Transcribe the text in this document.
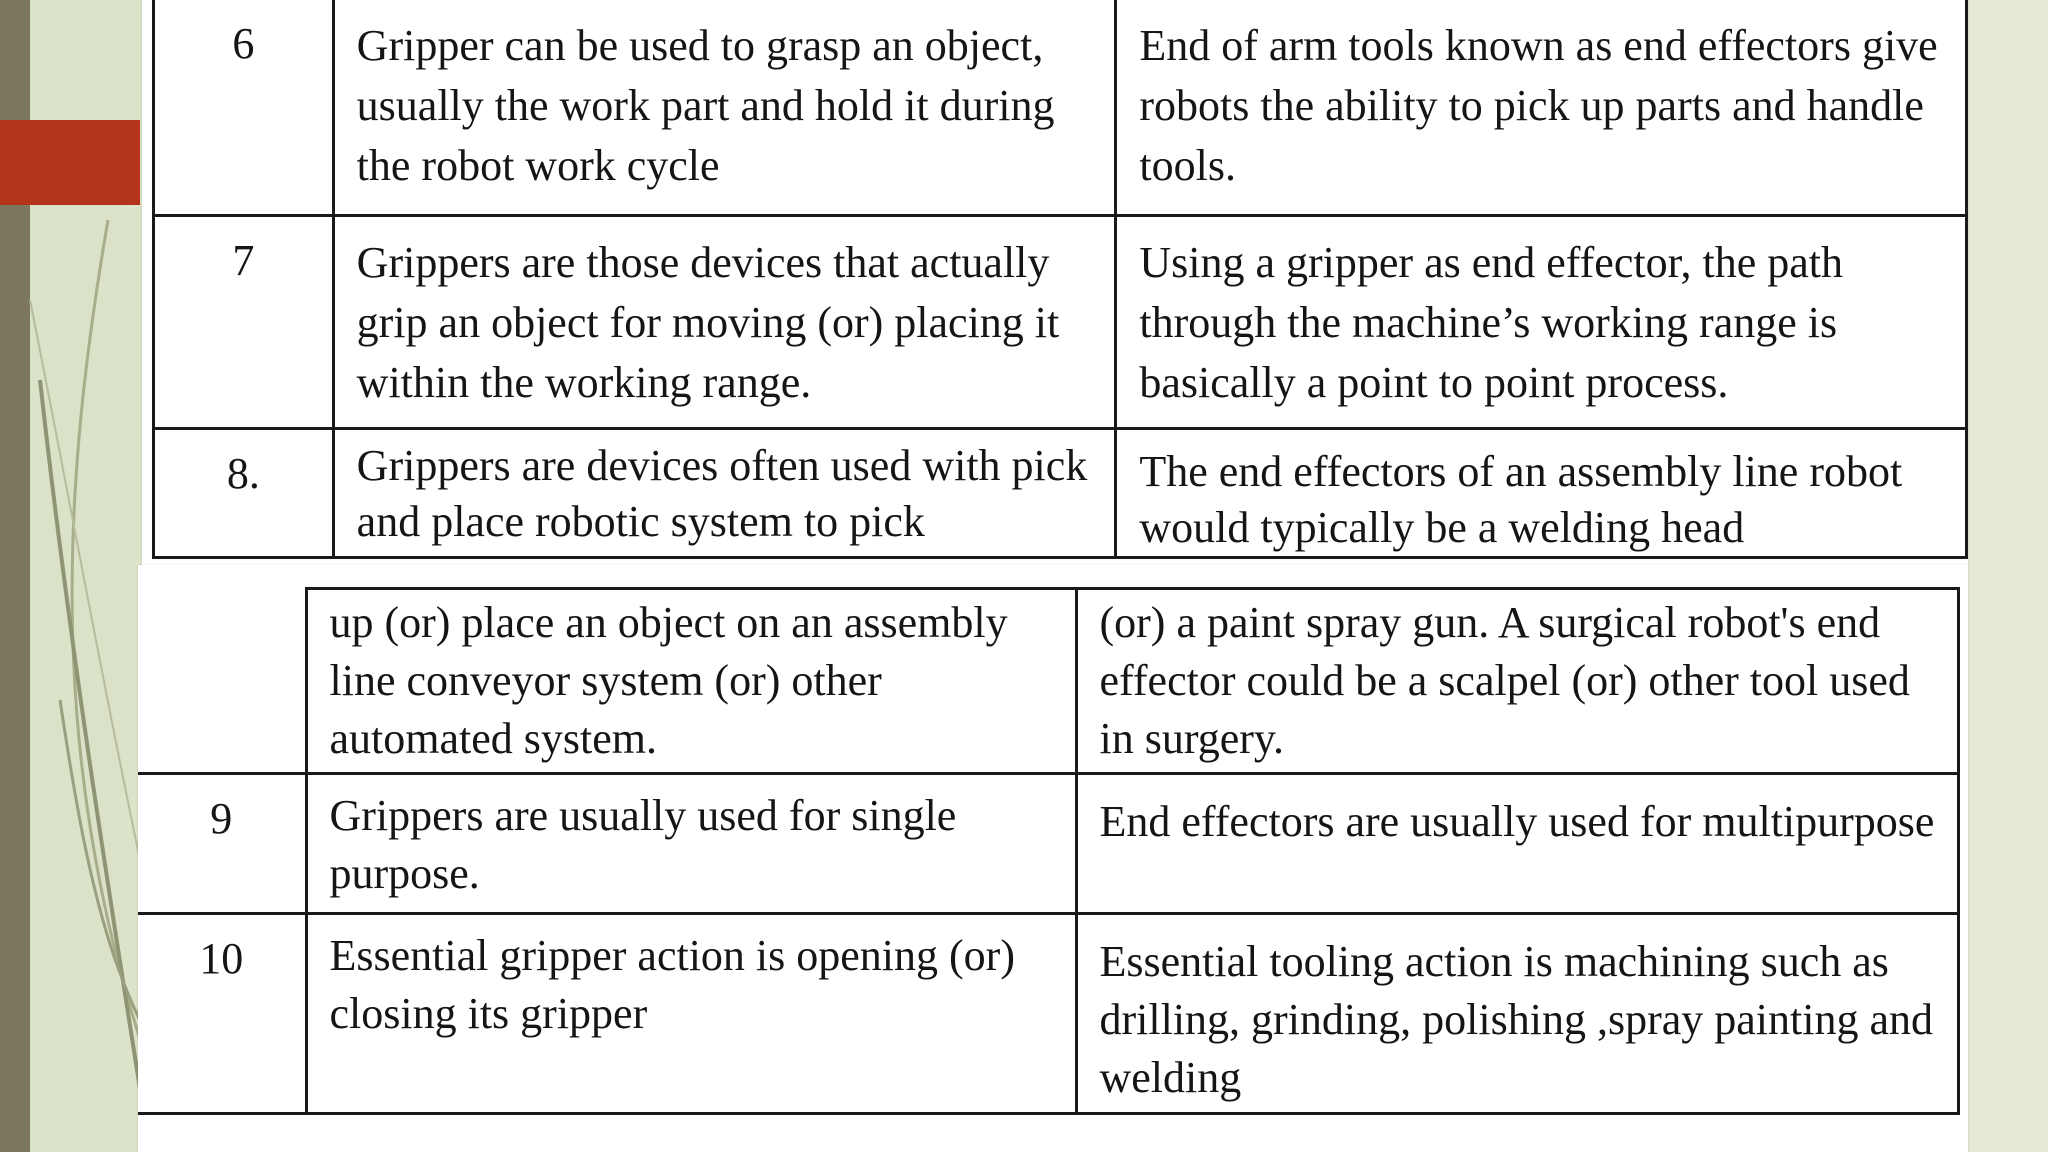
6	Gripper can be used to grasp an object, usually the work part and hold it during the robot work cycle	End of arm tools known as end effectors give robots the ability to pick up parts and handle tools.
7	Grippers are those devices that actually grip an object for moving (or) placing it within the working range.	Using a gripper as end effector, the path through the machine’s working range is basically a point to point process.
8.	Grippers are devices often used with pick and place robotic system to pick	The end effectors of an assembly line robot would typically be a welding head
	up (or) place an object on an assembly line conveyor system (or) other automated system.	(or) a paint spray gun. A surgical robot's end effector could be a scalpel (or) other tool used in surgery.
9	Grippers are usually used for single purpose.	End effectors are usually used for multipurpose
10	Essential gripper action is opening (or) closing its gripper	Essential tooling action is machining such as drilling, grinding, polishing ,spray painting and welding
